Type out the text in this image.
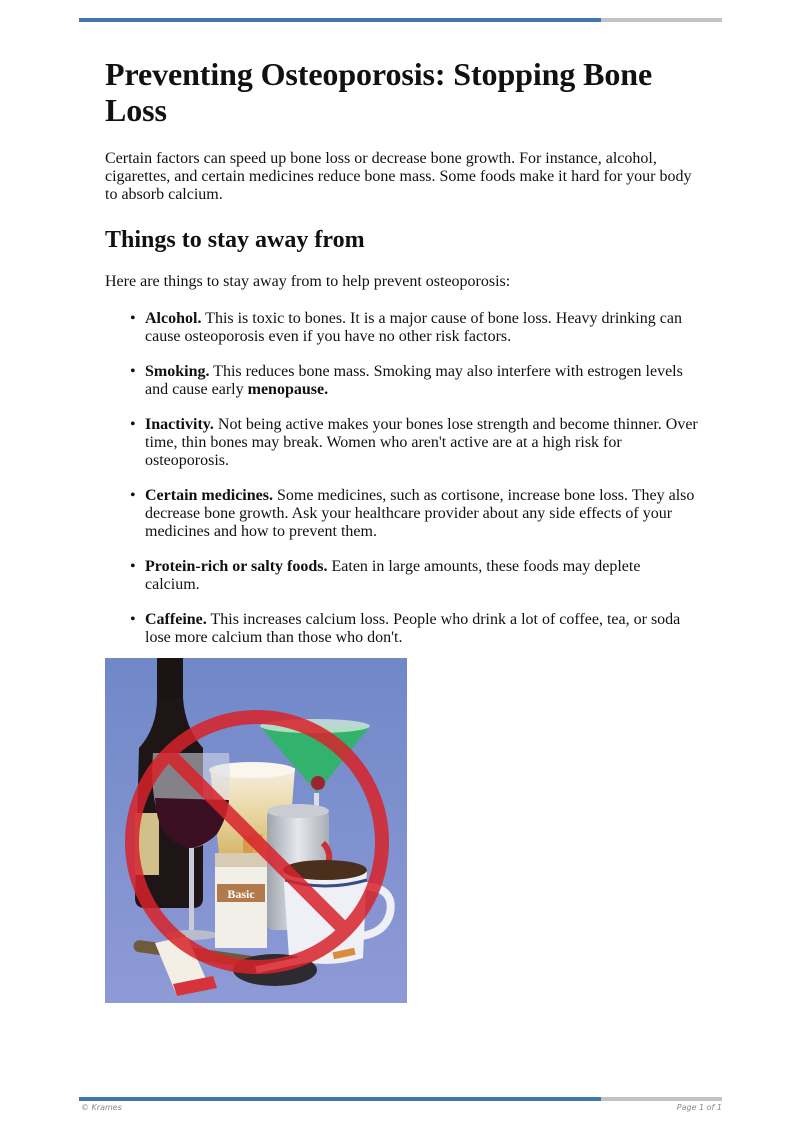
Preventing Osteoporosis: Stopping Bone Loss

Certain factors can speed up bone loss or decrease bone growth. For instance, alcohol, cigarettes, and certain medicines reduce bone mass. Some foods make it hard for your body to absorb calcium.

Things to stay away from

Here are things to stay away from to help prevent osteoporosis:

• Alcohol. This is toxic to bones. It is a major cause of bone loss. Heavy drinking can cause osteoporosis even if you have no other risk factors.
• Smoking. This reduces bone mass. Smoking may also interfere with estrogen levels and cause early menopause.
• Inactivity. Not being active makes your bones lose strength and become thinner. Over time, thin bones may break. Women who aren't active are at a high risk for osteoporosis.
• Certain medicines. Some medicines, such as cortisone, increase bone loss. They also decrease bone growth. Ask your healthcare provider about any side effects of your medicines and how to prevent them.
• Protein-rich or salty foods. Eaten in large amounts, these foods may deplete calcium.
• Caffeine. This increases calcium loss. People who drink a lot of coffee, tea, or soda lose more calcium than those who don't.
Basic
© Krames	Page 1 of 1
